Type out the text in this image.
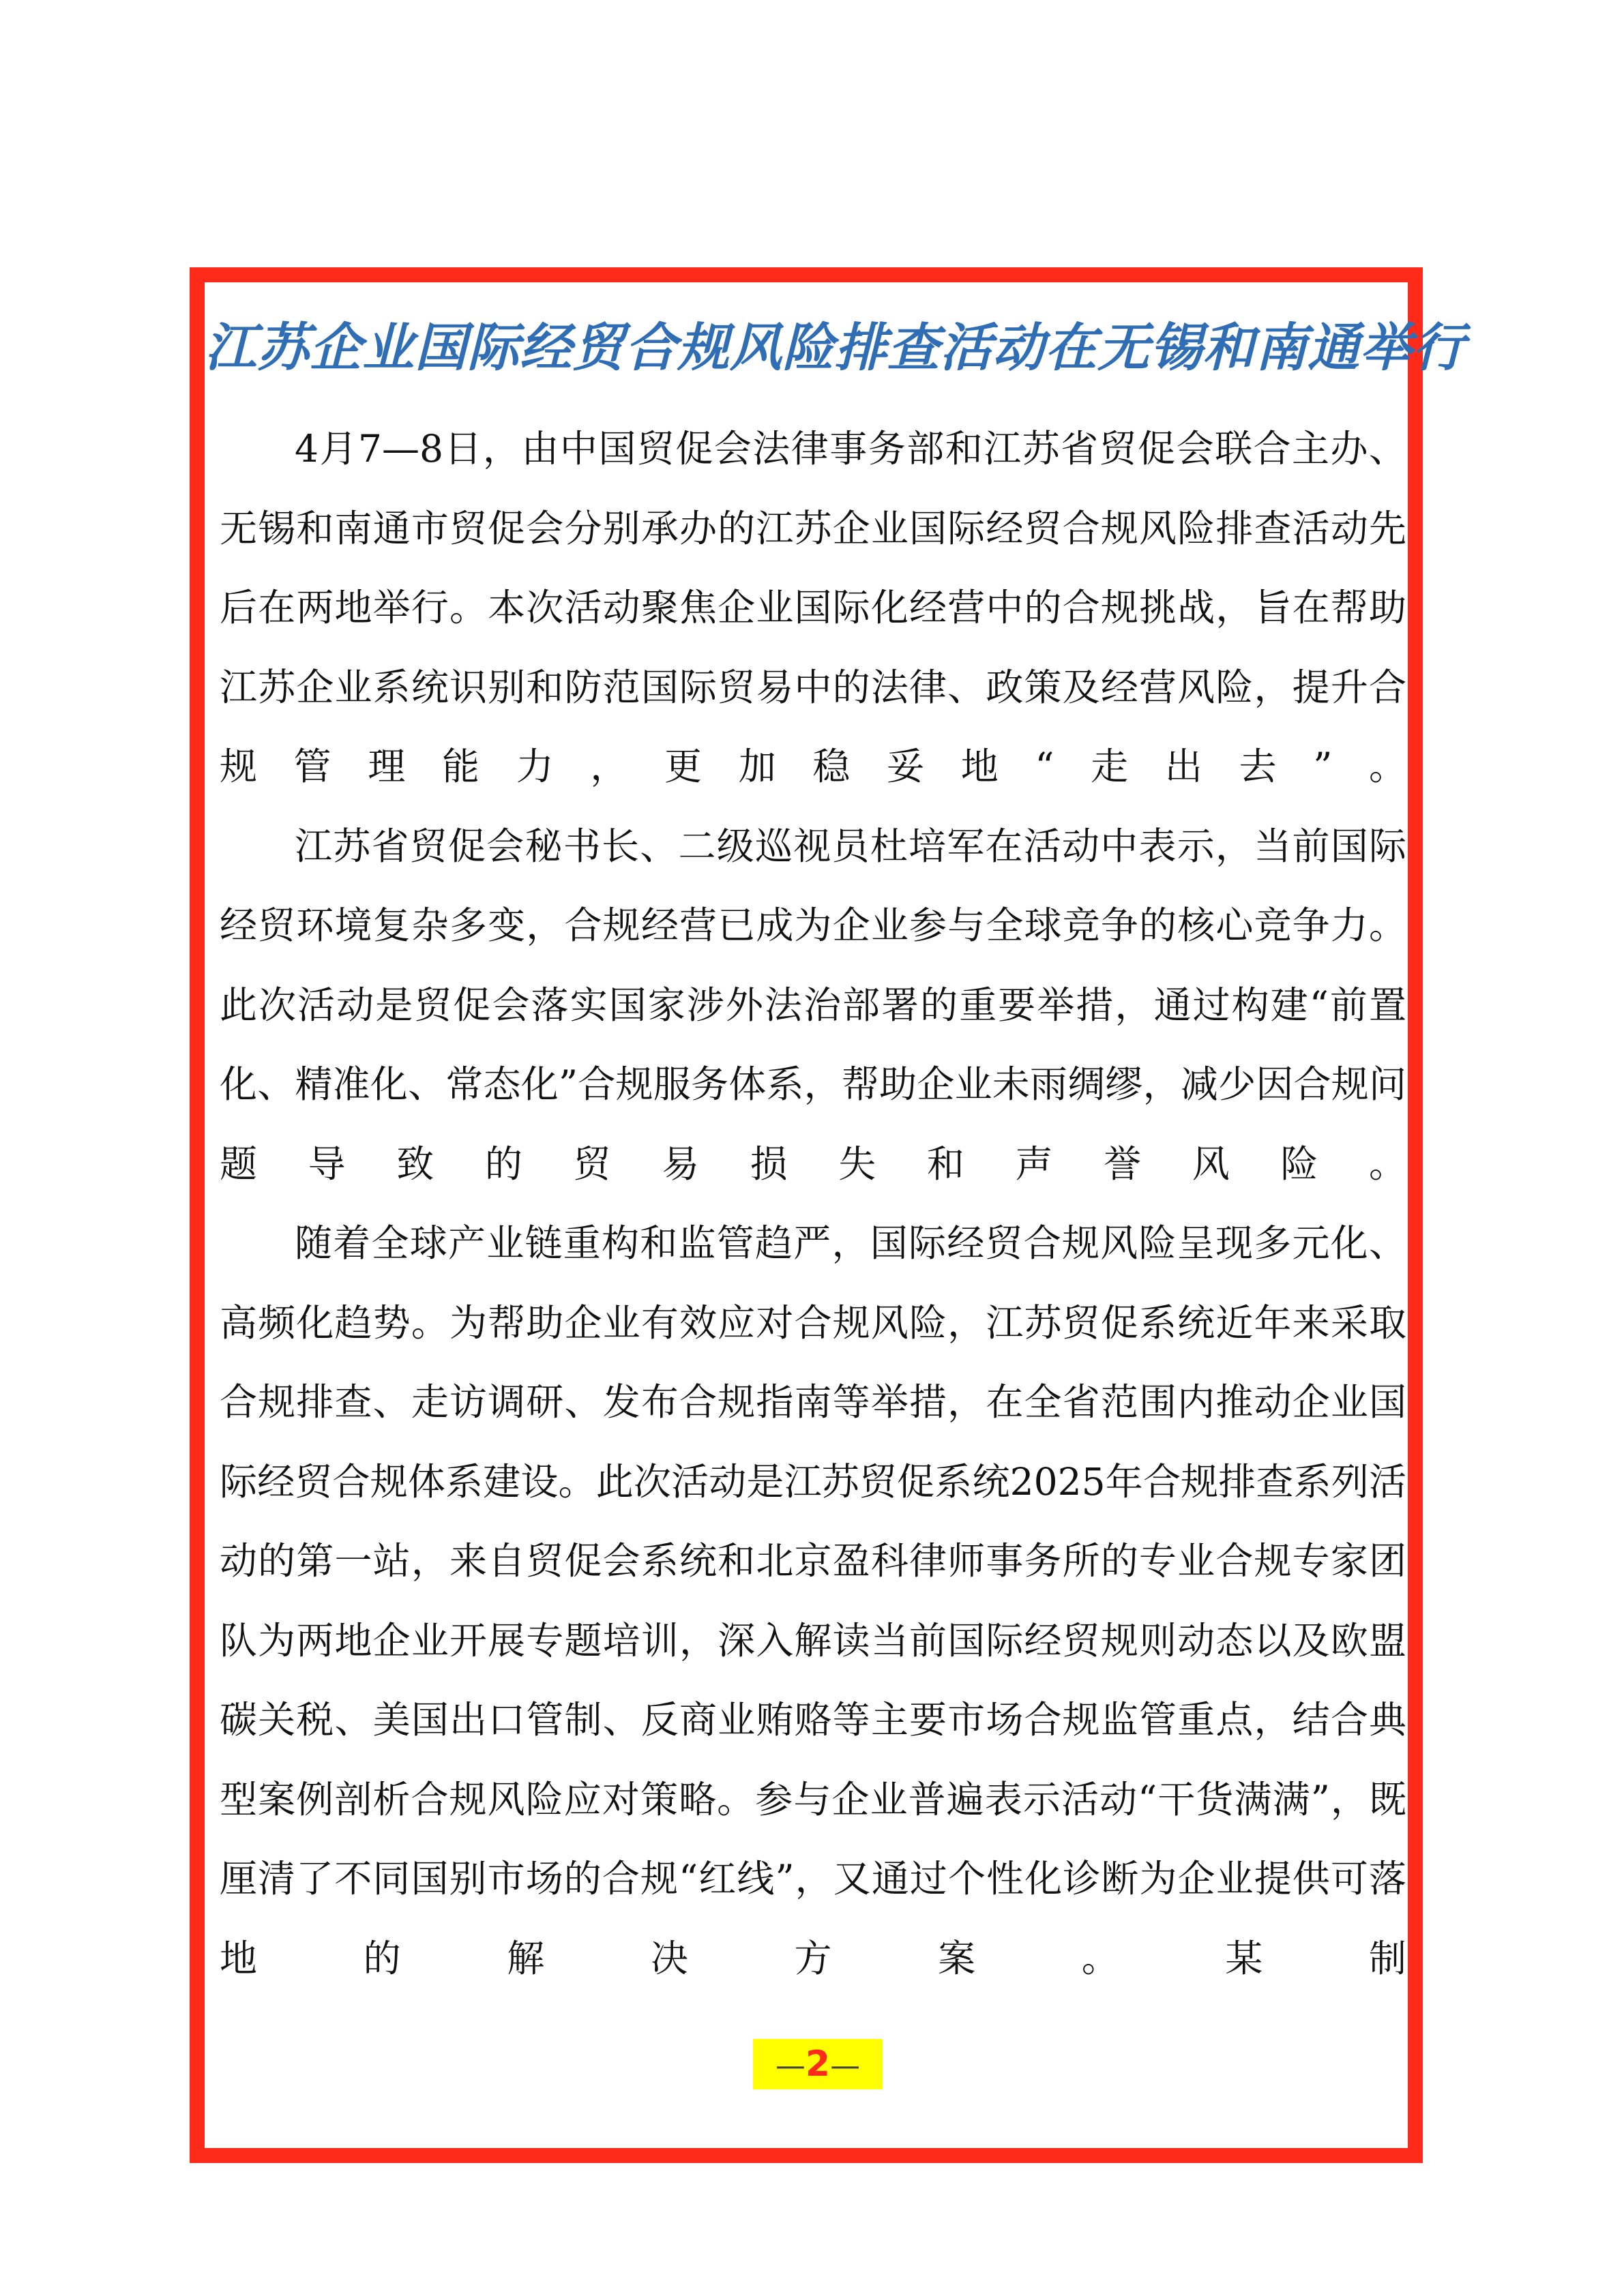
江苏企业国际经贸合规风险排查活动在无锡和南通举行

4月7—8日，由中国贸促会法律事务部和江苏省贸促会联合主办、无锡和南通市贸促会分别承办的江苏企业国际经贸合规风险排查活动先后在两地举行。本次活动聚焦企业国际化经营中的合规挑战，旨在帮助江苏企业系统识别和防范国际贸易中的法律、政策及经营风险，提升合规管理能力，更加稳妥地“走出去”。

江苏省贸促会秘书长、二级巡视员杜培军在活动中表示，当前国际经贸环境复杂多变，合规经营已成为企业参与全球竞争的核心竞争力。此次活动是贸促会落实国家涉外法治部署的重要举措，通过构建“前置化、精准化、常态化”合规服务体系，帮助企业未雨绸缪，减少因合规问题导致的贸易损失和声誉风险。

随着全球产业链重构和监管趋严，国际经贸合规风险呈现多元化、高频化趋势。为帮助企业有效应对合规风险，江苏贸促系统近年来采取合规排查、走访调研、发布合规指南等举措，在全省范围内推动企业国际经贸合规体系建设。此次活动是江苏贸促系统2025年合规排查系列活动的第一站，来自贸促会系统和北京盈科律师事务所的专业合规专家团队为两地企业开展专题培训，深入解读当前国际经贸规则动态以及欧盟碳关税、美国出口管制、反商业贿赂等主要市场合规监管重点，结合典型案例剖析合规风险应对策略。参与企业普遍表示活动“干货满满”，既厘清了不同国别市场的合规“红线”，又通过个性化诊断为企业提供可落地的解决方案。某制

—2—
